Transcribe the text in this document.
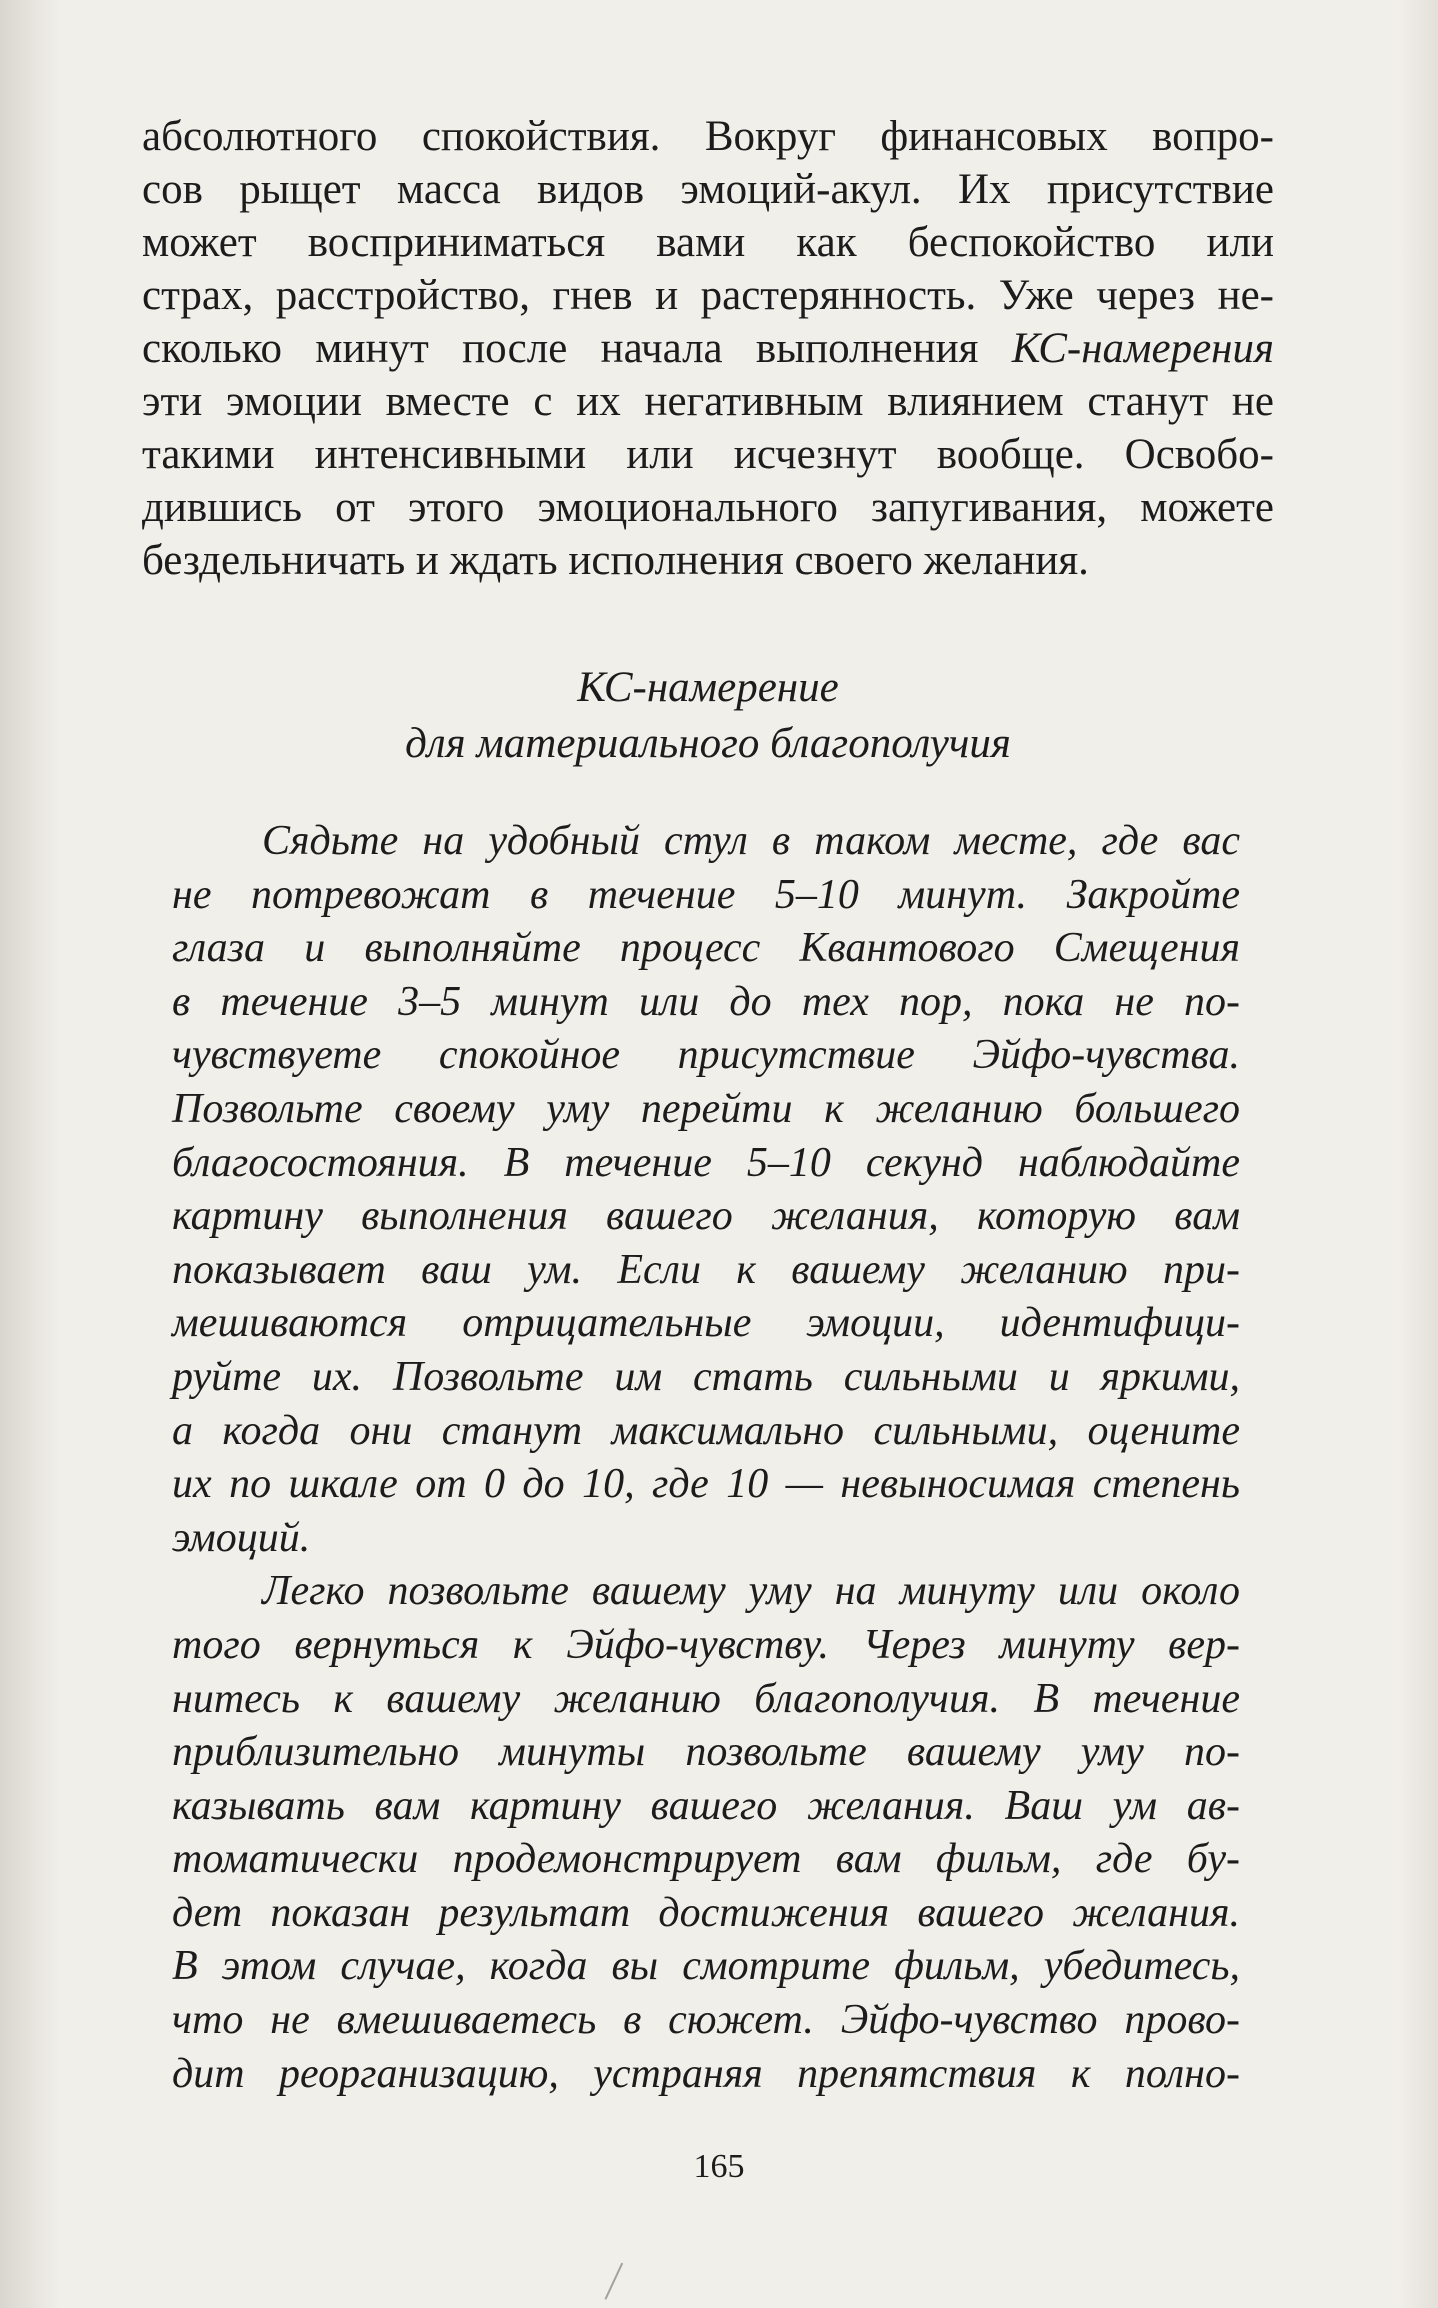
абсолютного спокойствия. Вокруг финансовых вопро-
сов рыщет масса видов эмоций-акул. Их присутствие
может восприниматься вами как беспокойство или
страх, расстройство, гнев и растерянность. Уже через не-
сколько минут после начала выполнения КС-намерения
эти эмоции вместе с их негативным влиянием станут не
такими интенсивными или исчезнут вообще. Освобо-
дившись от этого эмоционального запугивания, можете
бездельничать и ждать исполнения своего желания.
КС-намерение
для материального благополучия
Сядьте на удобный стул в таком месте, где вас
не потревожат в течение 5–10 минут. Закройте
глаза и выполняйте процесс Квантового Смещения
в течение 3–5 минут или до тех пор, пока не по-
чувствуете спокойное присутствие Эйфо-чувства.
Позвольте своему уму перейти к желанию большего
благосостояния. В течение 5–10 секунд наблюдайте
картину выполнения вашего желания, которую вам
показывает ваш ум. Если к вашему желанию при-
мешиваются отрицательные эмоции, идентифици-
руйте их. Позвольте им стать сильными и яркими,
а когда они станут максимально сильными, оцените
их по шкале от 0 до 10, где 10 — невыносимая степень
эмоций.
Легко позвольте вашему уму на минуту или около
того вернуться к Эйфо-чувству. Через минуту вер-
нитесь к вашему желанию благополучия. В течение
приблизительно минуты позвольте вашему уму по-
казывать вам картину вашего желания. Ваш ум ав-
томатически продемонстрирует вам фильм, где бу-
дет показан результат достижения вашего желания.
В этом случае, когда вы смотрите фильм, убедитесь,
что не вмешиваетесь в сюжет. Эйфо-чувство прово-
дит реорганизацию, устраняя препятствия к полно-
165
